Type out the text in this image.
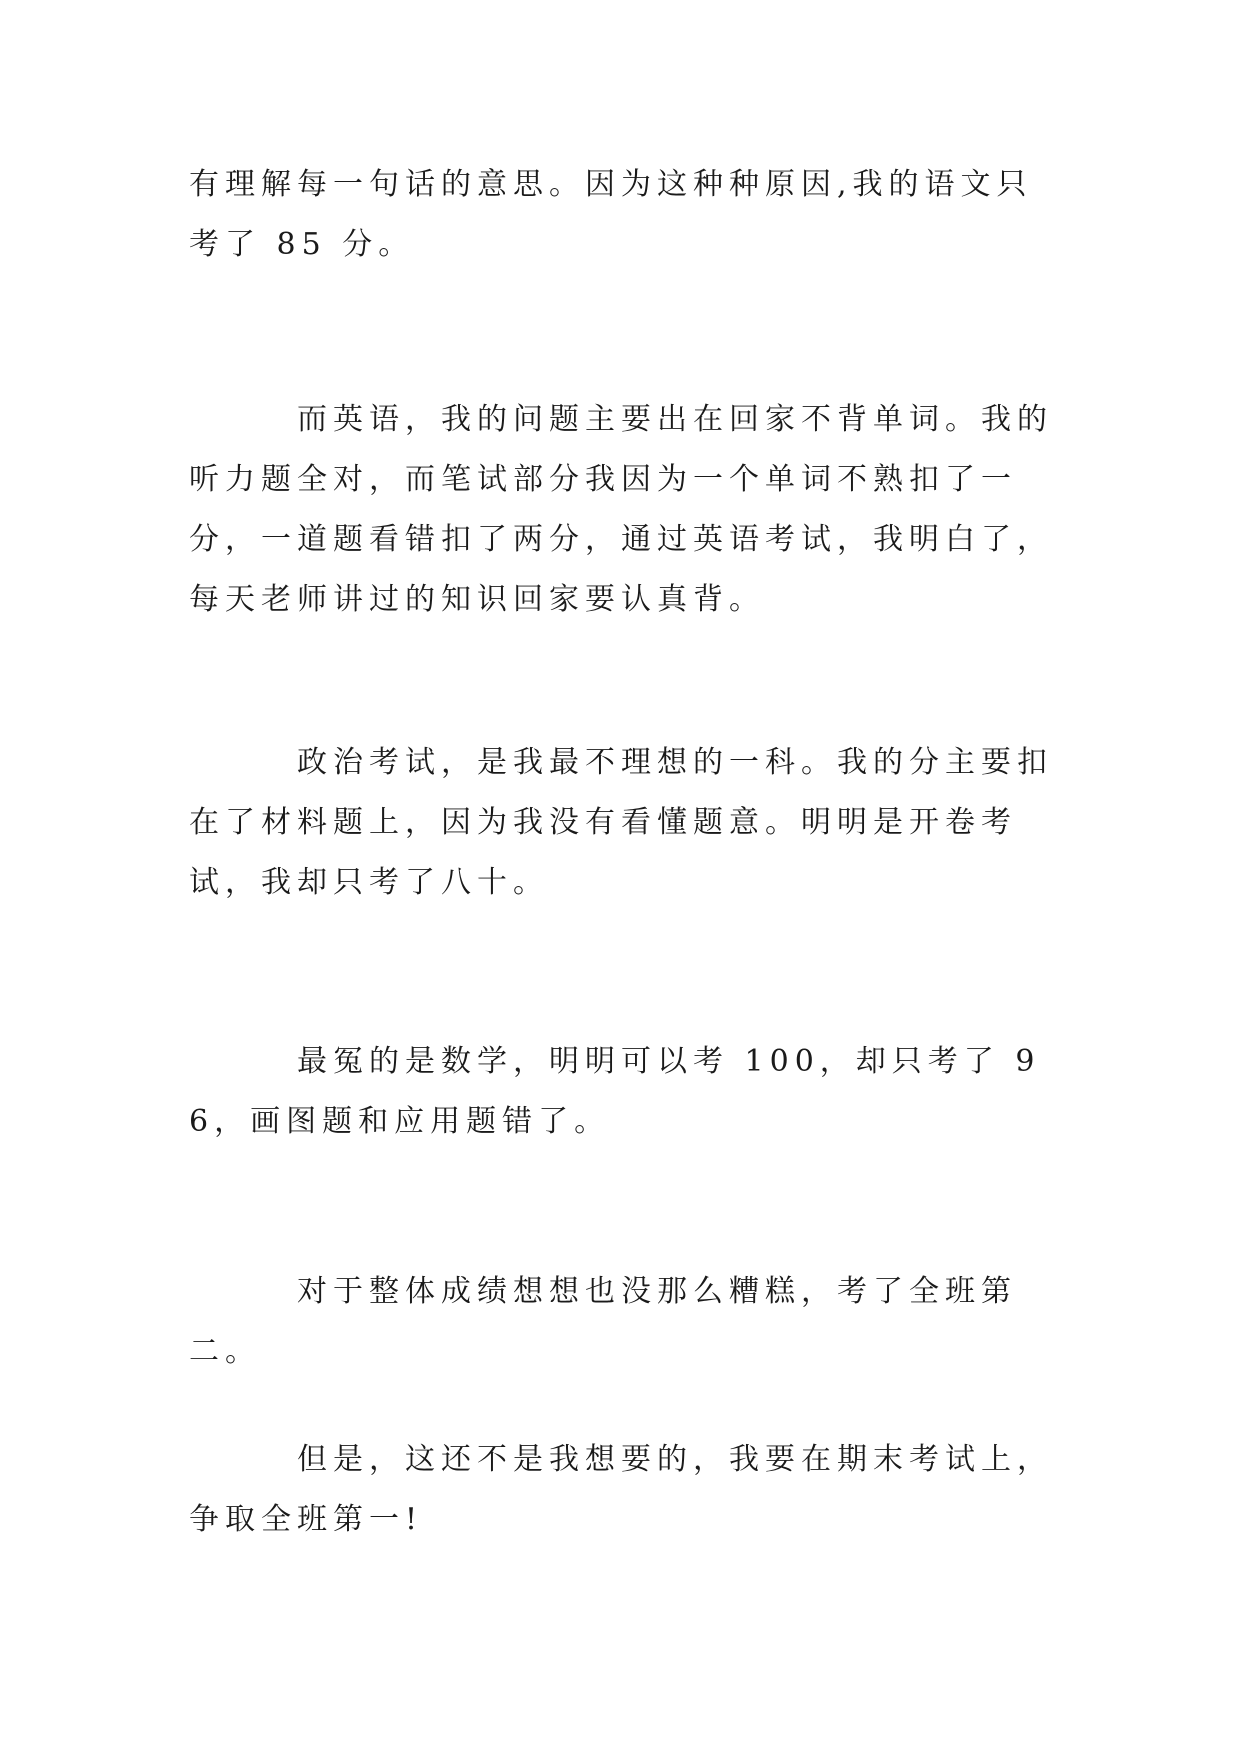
有理解每一句话的意思。因为这种种原因,我的语文只考了 85 分。

而英语，我的问题主要出在回家不背单词。我的听力题全对，而笔试部分我因为一个单词不熟扣了一分，一道题看错扣了两分，通过英语考试，我明白了，每天老师讲过的知识回家要认真背。

政治考试，是我最不理想的一科。我的分主要扣在了材料题上，因为我没有看懂题意。明明是开卷考试，我却只考了八十。

最冤的是数学，明明可以考 100，却只考了 96，画图题和应用题错了。

对于整体成绩想想也没那么糟糕，考了全班第二。

但是，这还不是我想要的，我要在期末考试上，争取全班第一!
